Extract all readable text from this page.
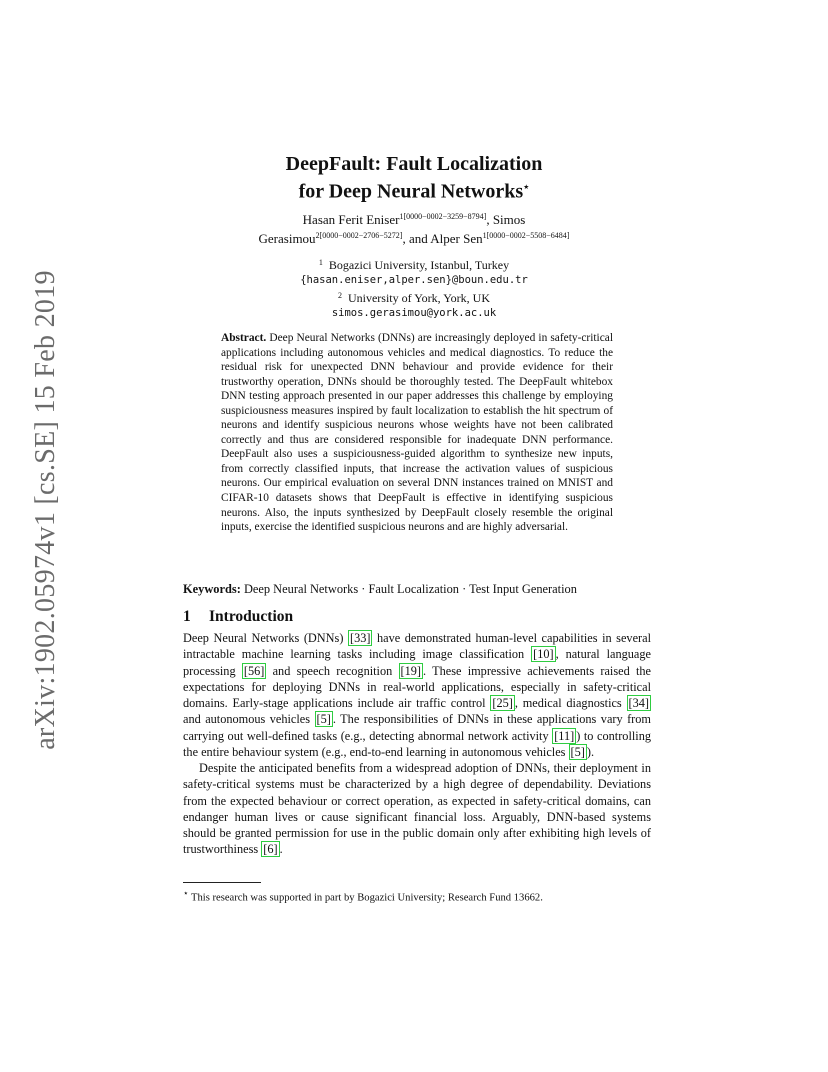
arXiv:1902.05974v1 [cs.SE] 15 Feb 2019
DeepFault: Fault Localization
for Deep Neural Networks⋆
Hasan Ferit Eniser$^{1[0000-0002-3259-8794]}$, Simos
Gerasimou$^{2[0000-0002-2706-5272]}$, and Alper Sen$^{1[0000-0002-5508-6484]}$
$^1$ Bogazici University, Istanbul, Turkey
{hasan.eniser,alper.sen}@boun.edu.tr
$^2$ University of York, York, UK
simos.gerasimou@york.ac.uk
Abstract. Deep Neural Networks (DNNs) are increasingly deployed in safety-critical applications including autonomous vehicles and medical diagnostics. To reduce the residual risk for unexpected DNN behaviour and provide evidence for their trustworthy operation, DNNs should be thoroughly tested. The DeepFault whitebox DNN testing approach presented in our paper addresses this challenge by employing suspiciousness measures inspired by fault localization to establish the hit spectrum of neurons and identify suspicious neurons whose weights have not been calibrated correctly and thus are considered responsible for inadequate DNN performance. DeepFault also uses a suspiciousness-guided algorithm to synthesize new inputs, from correctly classified inputs, that increase the activation values of suspicious neurons. Our empirical evaluation on several DNN instances trained on MNIST and CIFAR-10 datasets shows that DeepFault is effective in identifying suspicious neurons. Also, the inputs synthesized by DeepFault closely resemble the original inputs, exercise the identified suspicious neurons and are highly adversarial.
Keywords: Deep Neural Networks · Fault Localization · Test Input Generation
1 Introduction

Deep Neural Networks (DNNs) [33] have demonstrated human-level capabilities in several intractable machine learning tasks including image classification [10] , natural language processing [56] and speech recognition [19] . These impressive achievements raised the expectations for deploying DNNs in real-world applications, especially in safety-critical domains. Early-stage applications include air traffic control [25] , medical diagnostics [34] and autonomous vehicles [5] . The responsibilities of DNNs in these applications vary from carrying out well-defined tasks (e.g., detecting abnormal network activity [11] ) to controlling the entire behaviour system (e.g., end-to-end learning in autonomous vehicles [5] ).

Despite the anticipated benefits from a widespread adoption of DNNs, their deployment in safety-critical systems must be characterized by a high degree of dependability. Deviations from the expected behaviour or correct operation, as expected in safety-critical domains, can endanger human lives or cause significant financial loss. Arguably, DNN-based systems should be granted permission for use in the public domain only after exhibiting high levels of trustworthiness [6] .

⋆ This research was supported in part by Bogazici University; Research Fund 13662.
